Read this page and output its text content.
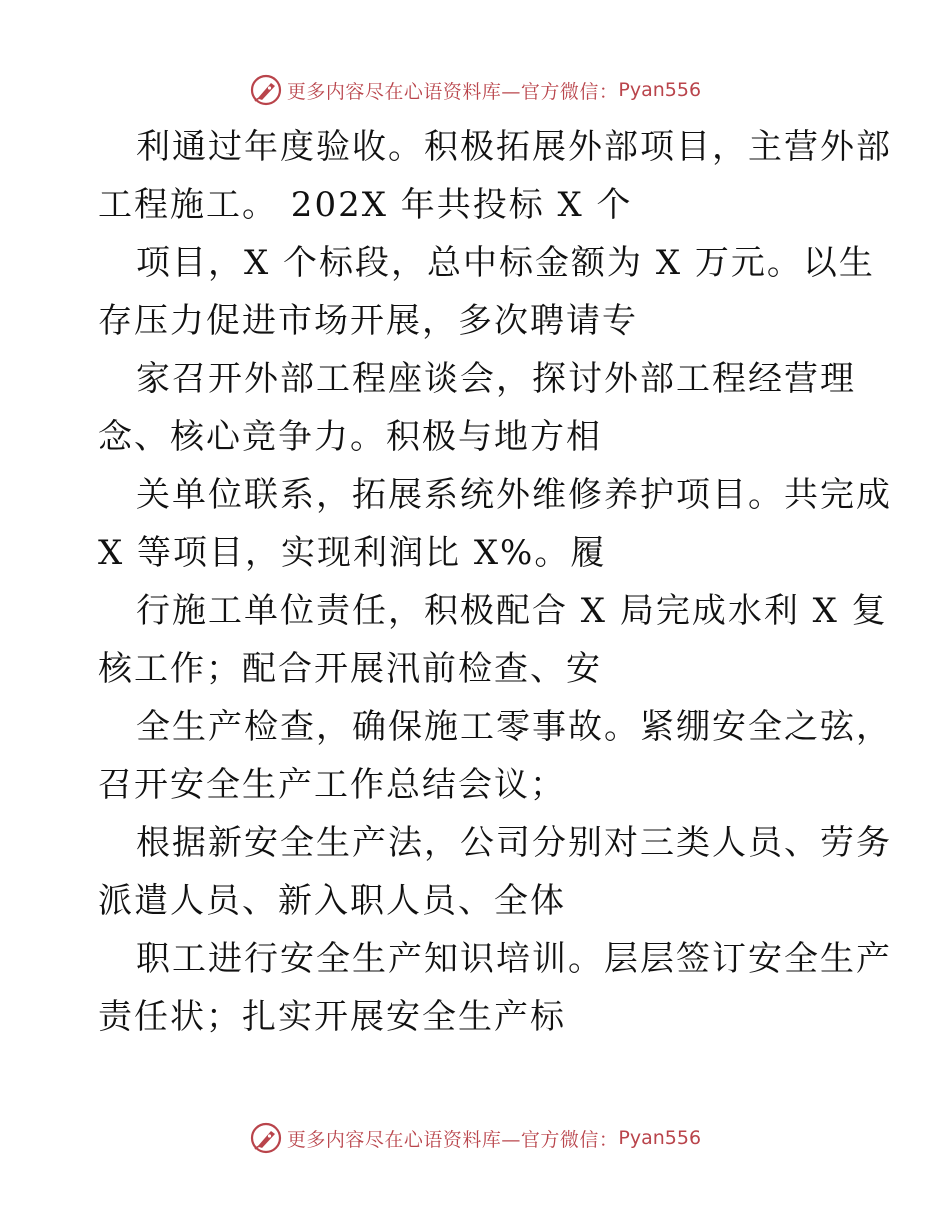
更多内容尽在心语资料库—官方微信： Pyan556
利通过年度验收。积极拓展外部项目，主营外部
工程施工。 202X 年共投标 X 个
项目，X 个标段，总中标金额为 X 万元。以生
存压力促进市场开展，多次聘请专
家召开外部工程座谈会，探讨外部工程经营理
念、核心竞争力。积极与地方相
关单位联系，拓展系统外维修养护项目。共完成
X 等项目，实现利润比 X%。履
行施工单位责任，积极配合 X 局完成水利 X 复
核工作；配合开展汛前检查、安
全生产检查，确保施工零事故。紧绷安全之弦，
召开安全生产工作总结会议；
根据新安全生产法，公司分别对三类人员、劳务
派遣人员、新入职人员、全体
职工进行安全生产知识培训。层层签订安全生产
责任状；扎实开展安全生产标
更多内容尽在心语资料库—官方微信： Pyan556
